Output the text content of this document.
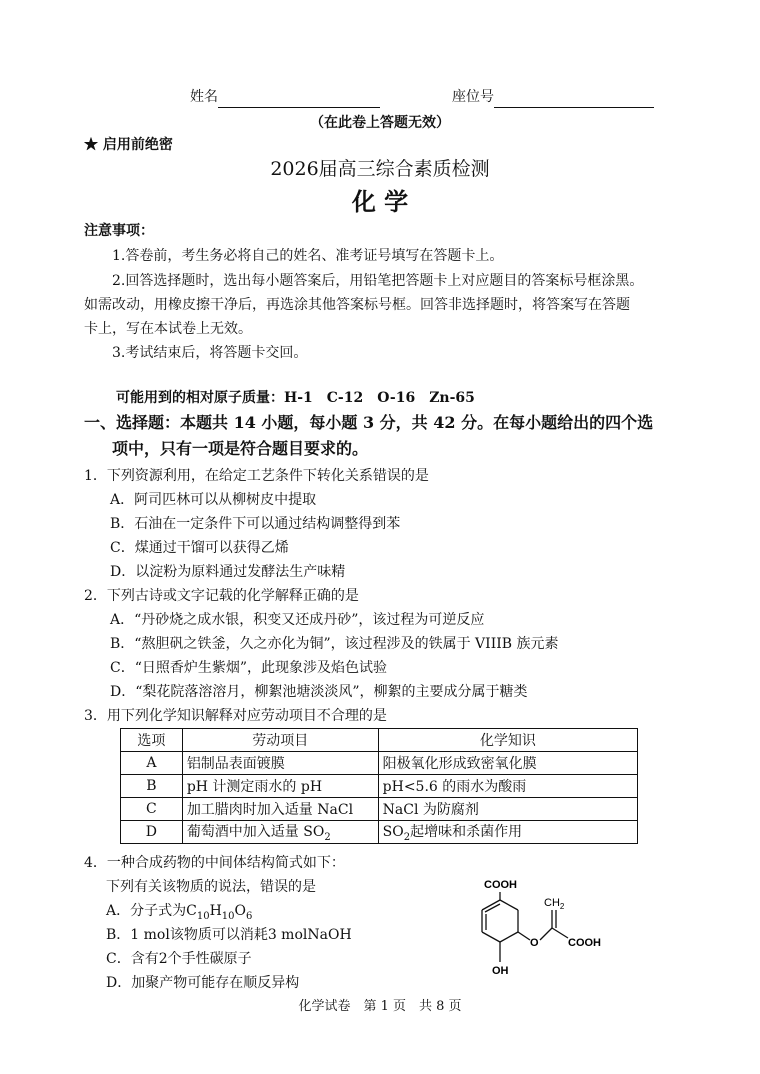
姓名	座位号
（在此卷上答题无效）
★ 启用前绝密
2026届高三综合素质检测
化 学
注意事项：
1.答卷前，考生务必将自己的姓名、准考证号填写在答题卡上。
2.回答选择题时，选出每小题答案后，用铅笔把答题卡上对应题目的答案标号框涂黑。
如需改动，用橡皮擦干净后，再选涂其他答案标号框。回答非选择题时，将答案写在答题
卡上，写在本试卷上无效。
3.考试结束后，将答题卡交回。
可能用到的相对原子质量：H-1　C-12　O-16　Zn-65
一、选择题：本题共 14 小题，每小题 3 分，共 42 分。在每小题给出的四个选
项中，只有一项是符合题目要求的。
1．下列资源利用，在给定工艺条件下转化关系错误的是
A．阿司匹林可以从柳树皮中提取
B．石油在一定条件下可以通过结构调整得到苯
C．煤通过干馏可以获得乙烯
D．以淀粉为原料通过发酵法生产味精
2．下列古诗或文字记载的化学解释正确的是
A．“丹砂烧之成水银，积变又还成丹砂”，该过程为可逆反应
B．“熬胆矾之铁釜，久之亦化为铜”，该过程涉及的铁属于 VIIIB 族元素
C．“日照香炉生紫烟”，此现象涉及焰色试验
D．“梨花院落溶溶月，柳絮池塘淡淡风”，柳絮的主要成分属于糖类
3．用下列化学知识解释对应劳动项目不合理的是
选项	劳动项目	化学知识
A	铝制品表面镀膜	阳极氧化形成致密氧化膜
B	pH 计测定雨水的 pH	pH<5.6 的雨水为酸雨
C	加工腊肉时加入适量 NaCl	NaCl 为防腐剂
D	葡萄酒中加入适量 $SO_2$	$SO_2$起增味和杀菌作用
4．一种合成药物的中间体结构简式如下：
下列有关该物质的说法，错误的是
A．分子式为$C_{10}H_{10}O_6$
B．1 mol该物质可以消耗3 molNaOH
C．含有2个手性碳原子
D．加聚产物可能存在顺反异构
COOH
$CH_2$
O	COOH
OH
化学试卷　第 1 页　共 8 页
